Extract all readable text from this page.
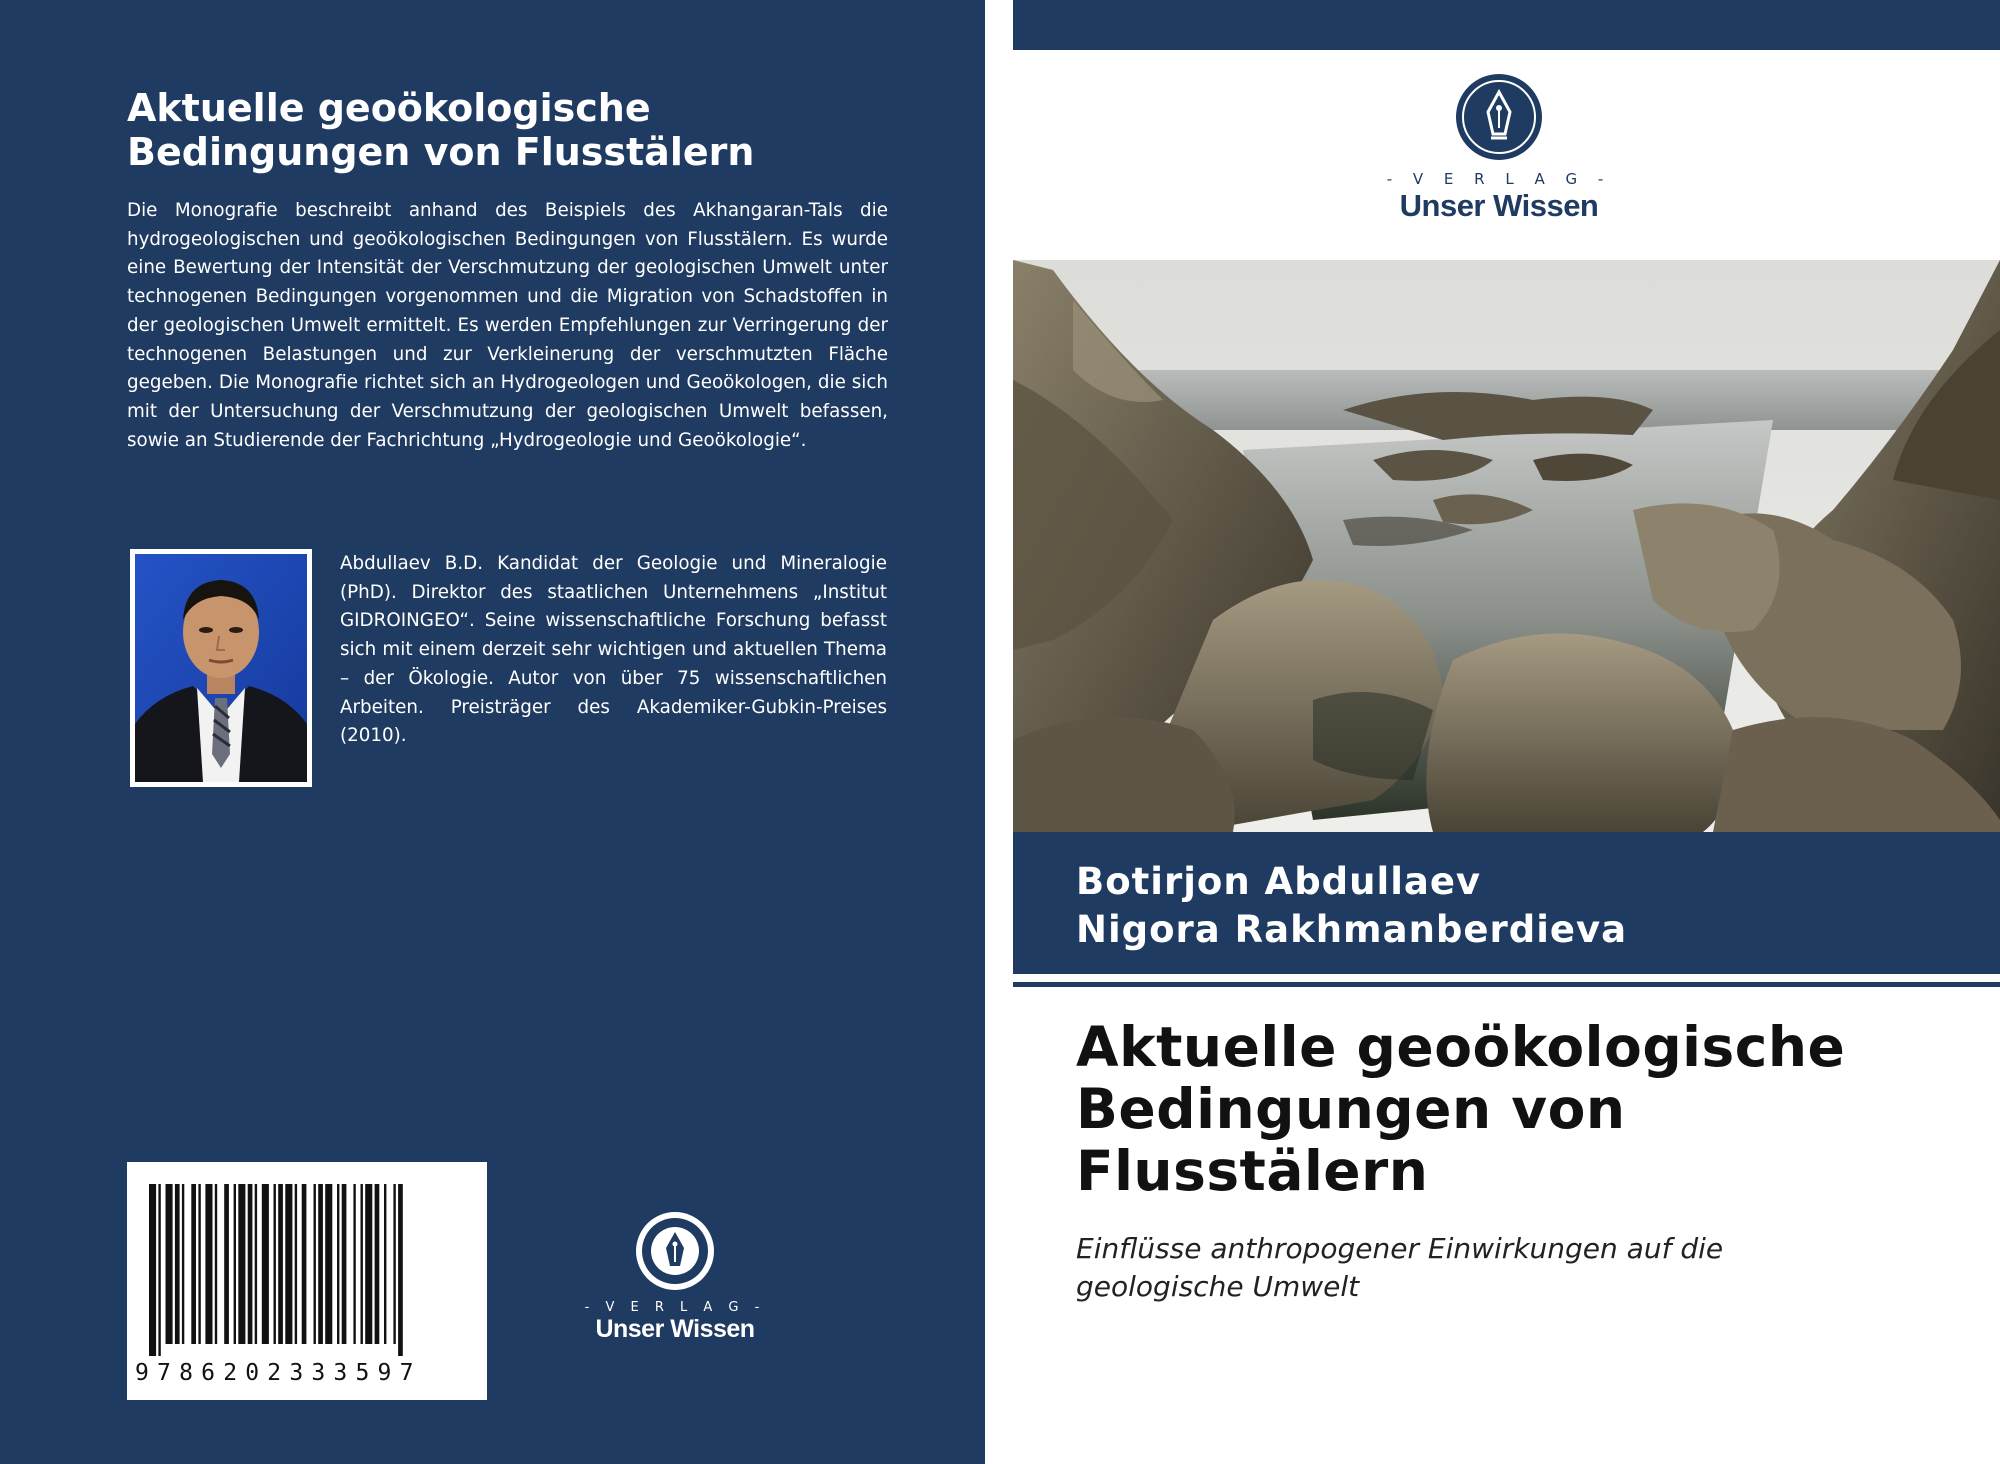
Aktuelle geoökologische
Bedingungen von Flusstälern

Die Monografie beschreibt anhand des Beispiels des Akhangaran-Tals die hydrogeologischen und geoökologischen Bedingungen von Flusstälern. Es wurde eine Bewertung der Intensität der Verschmutzung der geologischen Umwelt unter technogenen Bedingungen vorgenommen und die Migration von Schadstoffen in der geologischen Umwelt ermittelt. Es werden Empfehlungen zur Verringerung der technogenen Belastungen und zur Verkleinerung der verschmutzten Fläche gegeben. Die Monografie richtet sich an Hydrogeologen und Geoökologen, die sich mit der Untersuchung der Verschmutzung der geologischen Umwelt befassen, sowie an Studierende der Fachrichtung „Hydrogeologie und Geoökologie“.

Abdullaev B.D. Kandidat der Geologie und Mineralogie (PhD). Direktor des staatlichen Unternehmens „Institut GIDROINGEO“. Seine wissenschaftliche Forschung befasst sich mit einem derzeit sehr wichtigen und aktuellen Thema – der Ökologie. Autor von über 75 wissenschaftlichen Arbeiten. Preisträger des Akademiker-Gubkin-Preises (2010).

9786202333597
- V E R L A G -
Unser Wissen
- V E R L A G -
Unser Wissen

Botirjon Abdullaev

Nigora Rakhmanberdieva

Aktuelle geoökologische
Bedingungen von
Flusstälern

Einflüsse anthropogener Einwirkungen auf die
geologische Umwelt
